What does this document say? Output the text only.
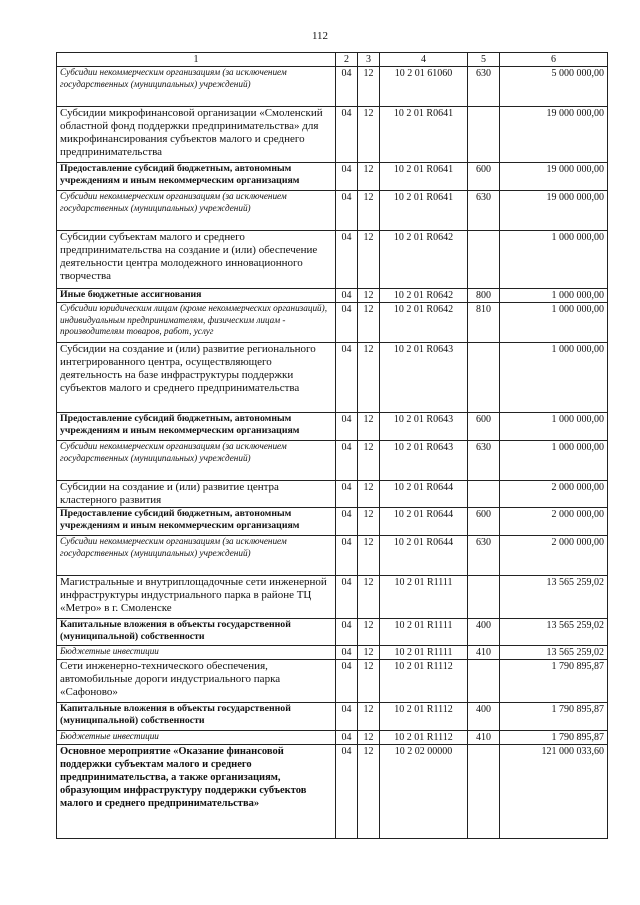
112
1	2	3	4	5	6
Субсидии некоммерческим организациям (за исключением государственных (муниципальных) учреждений)	04	12	10 2 01 61060	630	5 000 000,00
Субсидии микрофинансовой организации «Смоленский областной фонд поддержки предпринимательства» для микрофинансирования субъектов малого и среднего предпринимательства	04	12	10 2 01 R0641		19 000 000,00
Предоставление субсидий бюджетным, автономным учреждениям и иным некоммерческим организациям	04	12	10 2 01 R0641	600	19 000 000,00
Субсидии некоммерческим организациям (за исключением государственных (муниципальных) учреждений)	04	12	10 2 01 R0641	630	19 000 000,00
Субсидии субъектам малого и среднего предпринимательства на создание и (или) обеспечение деятельности центра молодежного инновационного творчества	04	12	10 2 01 R0642		1 000 000,00
Иные бюджетные ассигнования	04	12	10 2 01 R0642	800	1 000 000,00
Субсидии юридическим лицам (кроме некоммерческих организаций), индивидуальным предпринимателям, физическим лицам - производителям товаров, работ, услуг	04	12	10 2 01 R0642	810	1 000 000,00
Субсидии на создание и (или) развитие регионального интегрированного центра, осуществляющего деятельность на базе инфраструктуры поддержки субъектов малого и среднего предпринимательства	04	12	10 2 01 R0643		1 000 000,00
Предоставление субсидий бюджетным, автономным учреждениям и иным некоммерческим организациям	04	12	10 2 01 R0643	600	1 000 000,00
Субсидии некоммерческим организациям (за исключением государственных (муниципальных) учреждений)	04	12	10 2 01 R0643	630	1 000 000,00
Субсидии на создание и (или) развитие центра кластерного развития	04	12	10 2 01 R0644		2 000 000,00
Предоставление субсидий бюджетным, автономным учреждениям и иным некоммерческим организациям	04	12	10 2 01 R0644	600	2 000 000,00
Субсидии некоммерческим организациям (за исключением государственных (муниципальных) учреждений)	04	12	10 2 01 R0644	630	2 000 000,00
Магистральные и внутриплощадочные сети инженерной инфраструктуры индустриального парка в районе ТЦ «Метро» в г. Смоленске	04	12	10 2 01 R1111		13 565 259,02
Капитальные вложения в объекты государственной (муниципальной) собственности	04	12	10 2 01 R1111	400	13 565 259,02
Бюджетные инвестиции	04	12	10 2 01 R1111	410	13 565 259,02
Сети инженерно-технического обеспечения, автомобильные дороги индустриального парка «Сафоново»	04	12	10 2 01 R1112		1 790 895,87
Капитальные вложения в объекты государственной (муниципальной) собственности	04	12	10 2 01 R1112	400	1 790 895,87
Бюджетные инвестиции	04	12	10 2 01 R1112	410	1 790 895,87
Основное мероприятие «Оказание финансовой поддержки субъектам малого и среднего предпринимательства, а также организациям, образующим инфраструктуру поддержки субъектов малого и среднего предпринимательства»	04	12	10 2 02 00000		121 000 033,60
